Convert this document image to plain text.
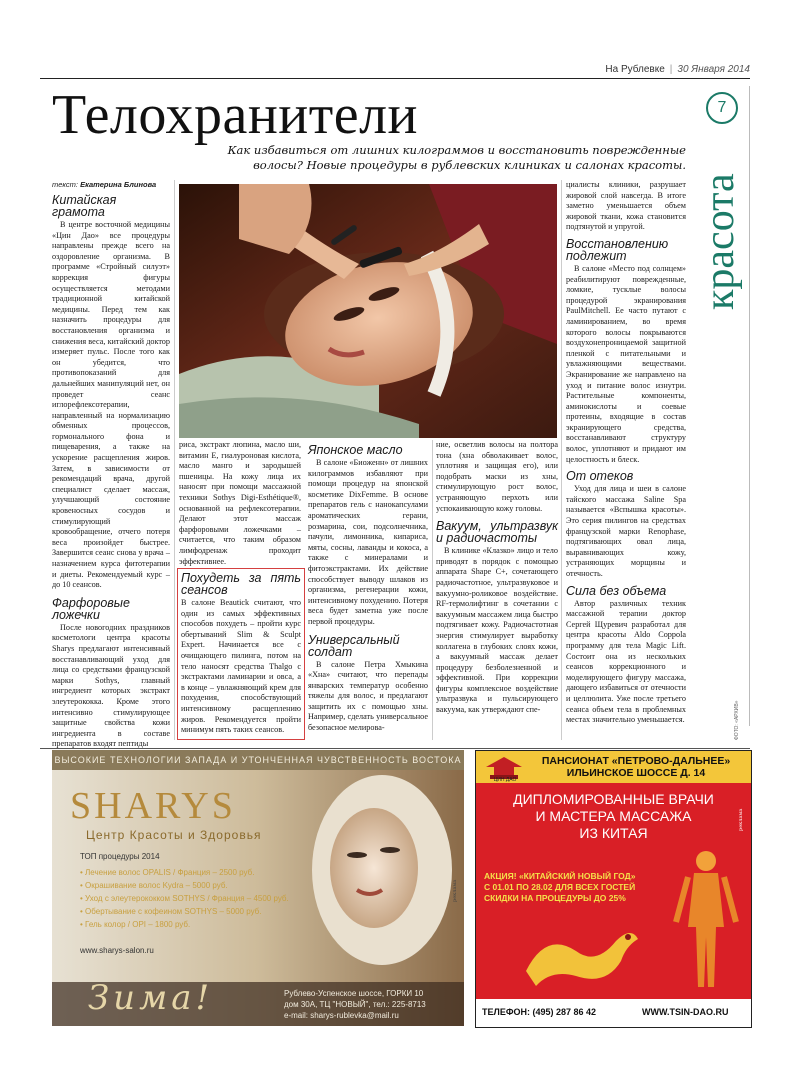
На Рублевке | 30 Января 2014
Телохранители
Как избавиться от лишних килограммов и восстановить поврежденные волосы? Новые процедуры в рублевских клиниках и салонах красоты.
7
красота
текст: Екатерина Блинова
Китайская грамота

В центре восточной медицины «Цин Дао» все процедуры направлены прежде всего на оздоровление организма. В программе «Стройный силуэт» коррекция фигуры осуществляется методами традиционной китайской медицины. Перед тем как назначить процедуры для восстановления организма и снижения веса, китайский доктор измеряет пульс. После того как он убедится, что противопоказаний для дальнейших манипуляций нет, он проведет сеанс иглорефлексотерапии, направленный на нормализацию обменных процессов, гормонального фона и пищеварения, а также на ускорение расщепления жиров. Затем, в зависимости от рекомендаций врача, другой специалист сделает массаж, улучшающий состояние кровеносных сосудов и стимулирующий кровообращение, отчего потеря веса произойдет быстрее. Завершится сеанс снова у врача – назначением курса фитотерапии и диеты. Рекомендуемый курс – до 10 сеансов.

Фарфоровые ложечки

После новогодних праздников косметологи центра красоты Sharys предлагают интенсивный восстанавливающий уход для лица со средствами французской марки Sothys, главный ингредиент которых экстракт элеутерококка. Кроме этого интенсивно стимулирующее защитные свойства кожи ингредиента в составе препаратов входят пептиды

риса, экстракт люпина, масло ши, витамин Е, гиалуроновая кислота, масло манго и зародышей пшеницы. На кожу лица их наносят при помощи массажной техники Sothys Digi-Esthétique®, основанной на рефлексотерапии. Делают этот массаж фарфоровыми ложечками – считается, что таким образом лимфодренаж проходит эффективнее.

Похудеть за пять сеансов

В салоне Beautick считают, что один из самых эффективных способов похудеть – пройти курс обертываний Slim & Sculpt Expert. Начинается все с очищающего пилинга, потом на тело наносят средства Thalgo с экстрактами ламинарии и овса, а в конце – увлажняющий крем для похудения, способствующий интенсивному расщеплению жиров. Рекомендуется пройти минимум пять таких сеансов.

Японское масло

В салоне «Биоженн» от лишних килограммов избавляют при помощи процедур на японской косметике DixFemme. В основе препаратов гель с нанокапсулами ароматических герани, розмарина, сои, подсолнечника, пачули, лимонника, кипариса, мяты, сосны, лаванды и кокоса, а также с минералами и фитоэкстрактами. Их действие способствует выводу шлаков из организма, регенерации кожи, интенсивному похудению. Потеря веса будет заметна уже после первой процедуры.

Универсальный солдат

В салоне Петра Хмыкина «Хна» считают, что перепады январских температур особенно тяжелы для волос, и предлагают защитить их с помощью хны. Например, сделать универсальное безопасное мелирова-

ние, осветлив волосы на полтора тона (хна обволакивает волос, уплотняя и защищая его), или подобрать маски из хны, стимулирующую рост волос, устраняющую перхоть или успокаивающую кожу головы.

Вакуум, ультразвук и радиочастоты

В клинике «Клазко» лицо и тело приводят в порядок с помощью аппарата Shape C+, сочетающего радиочастотное, ультразвуковое и вакуумно-роликовое воздействие. RF-термолифтинг в сочетании с вакуумным массажем лица быстро подтягивает кожу. Радиочастотная энергия стимулирует выработку коллагена в глубоких слоях кожи, а вакуумный массаж делает процедуру безболезненной и эффективной. При коррекции фигуры комплексное воздействие ультразвука и пульсирующего вакуума, как утверждают спе-

циалисты клиники, разрушает жировой слой навсегда. В итоге заметно уменьшается объем жировой ткани, кожа становится подтянутой и упругой.

Восстановлению подлежит

В салоне «Место под солнцем» реабилитируют поврежденные, ломкие, тусклые волосы процедурой экранирования PaulMitchell. Ее часто путают с ламинированием, во время которого волосы покрываются воздухонепроницаемой защитной пленкой с питательными и увлажняющими веществами. Экранирование же направлено на уход и питание волос изнутри. Растительные компоненты, аминокислоты и соевые протеины, входящие в состав экранирующего средства, восстанавливают структуру волос, уплотняют и придают им целостность и блеск.

От отеков

Уход для лица и шеи в салоне тайского массажа Saline Spa называется «Вспышка красоты». Это серия пилингов на средствах французской марки Renophase, подтягивающих овал лица, выравнивающих кожу, устраняющих морщины и отечность.

Сила без объема

Автор различных техник массажной терапии доктор Сергей Щуревич разработал для центра красоты Aldo Coppola программу для тела Magic Lift. Состоит она из нескольких сеансов коррекционного и моделирующего фигуру массажа, дающего избавиться от отечности и целлюлита. Уже после третьего сеанса объем тела в проблемных местах значительно уменьшается.	ФОТО: «АРХИВ»
ВЫСОКИЕ ТЕХНОЛОГИИ ЗАПАДА И УТОНЧЕННАЯ ЧУВСТВЕННОСТЬ ВОСТОКА
SHARYS
Центр Красоты и Здоровья
ТОП процедуры 2014
• Лечение волос OPALIS / Франция – 2500 руб.
• Окрашивание волос Kydra – 5000 руб.
• Уход с элеутерококком SOTHYS / Франция – 4500 руб.
• Обертывание с кофеином SOTHYS – 5000 руб.
• Гель колор / OPI – 1800 руб.
www.sharys-salon.ru
Зима!	Рублево-Успенское шоссе, ГОРКИ 10
дом 30А, ТЦ "НОВЫЙ", тел.: 225-8713
e-mail: sharys-rublevka@mail.ru
реклама
ЦИН ДАО
ПАНСИОНАТ «ПЕТРОВО-ДАЛЬНЕЕ»
ИЛЬИНСКОЕ ШОССЕ Д. 14
ДИПЛОМИРОВАННЫЕ ВРАЧИ
И МАСТЕРА МАССАЖА
ИЗ КИТАЯ
АКЦИЯ! «КИТАЙСКИЙ НОВЫЙ ГОД»
С 01.01 ПО 28.02 ДЛЯ ВСЕХ ГОСТЕЙ
СКИДКИ НА ПРОЦЕДУРЫ ДО 25%
ТЕЛЕФОН: (495) 287 86 42	WWW.TSIN-DAO.RU
реклама
